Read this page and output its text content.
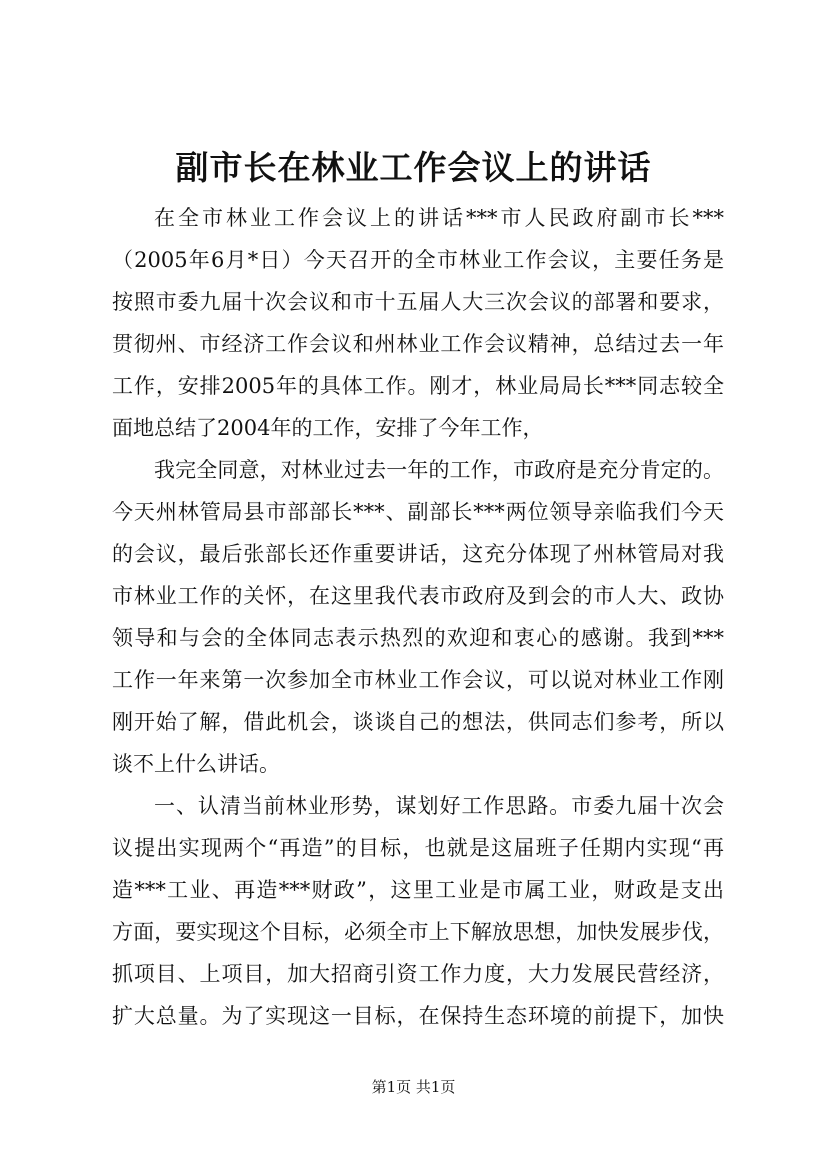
副市长在林业工作会议上的讲话
在全市林业工作会议上的讲话***市人民政府副市长***
（2005年6月*日）今天召开的全市林业工作会议，主要任务是
按照市委九届十次会议和市十五届人大三次会议的部署和要求，
贯彻州、市经济工作会议和州林业工作会议精神，总结过去一年
工作，安排2005年的具体工作。刚才，林业局局长***同志较全
面地总结了2004年的工作，安排了今年工作，
我完全同意，对林业过去一年的工作，市政府是充分肯定的。
今天州林管局县市部部长***、副部长***两位领导亲临我们今天
的会议，最后张部长还作重要讲话，这充分体现了州林管局对我
市林业工作的关怀，在这里我代表市政府及到会的市人大、政协
领导和与会的全体同志表示热烈的欢迎和衷心的感谢。我到***
工作一年来第一次参加全市林业工作会议，可以说对林业工作刚
刚开始了解，借此机会，谈谈自己的想法，供同志们参考，所以
谈不上什么讲话。
一、认清当前林业形势，谋划好工作思路。市委九届十次会
议提出实现两个“再造”的目标，也就是这届班子任期内实现“再
造***工业、再造***财政”，这里工业是市属工业，财政是支出
方面，要实现这个目标，必须全市上下解放思想，加快发展步伐，
抓项目、上项目，加大招商引资工作力度，大力发展民营经济，
扩大总量。为了实现这一目标，在保持生态环境的前提下，加快
第1页 共1页
